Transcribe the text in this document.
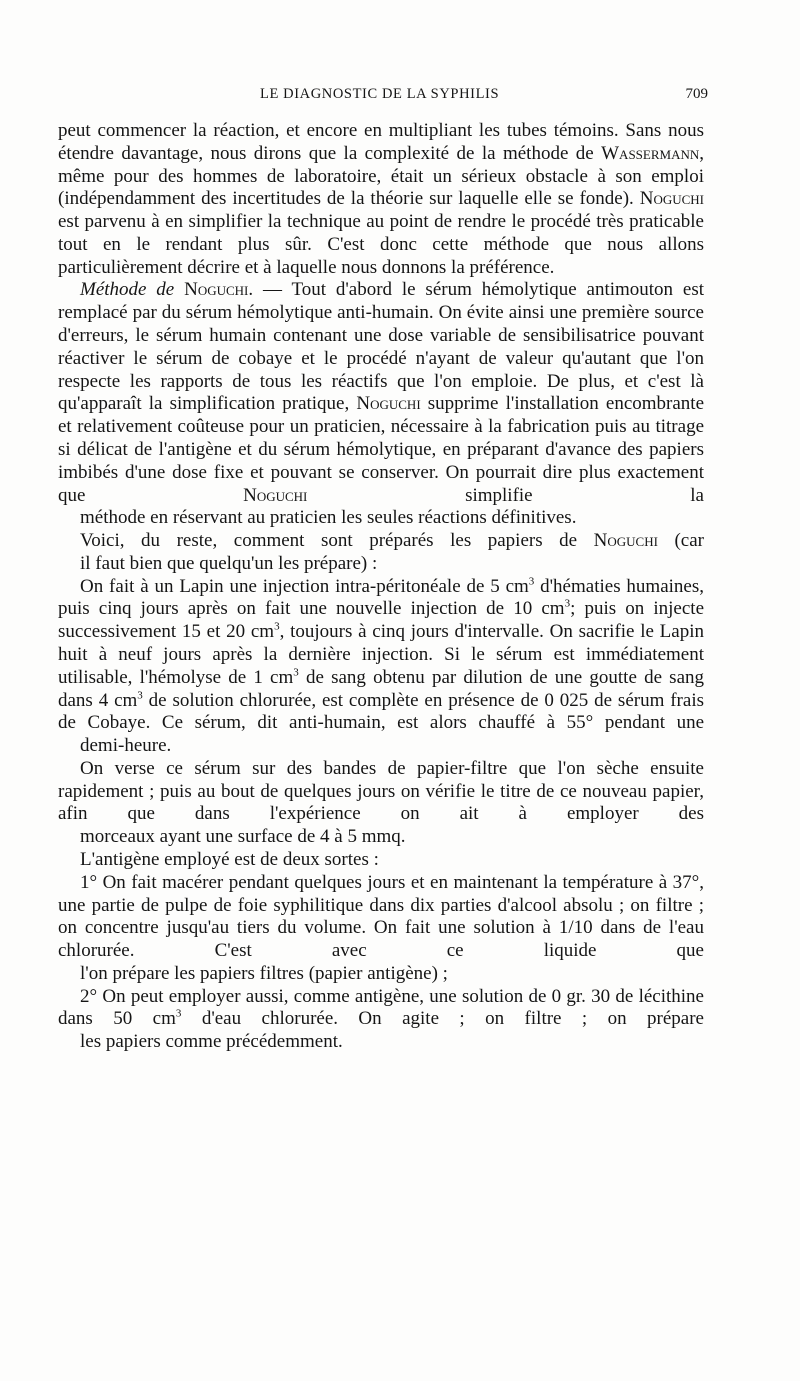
LE DIAGNOSTIC DE LA SYPHILIS	709

peut commencer la réaction, et encore en multipliant les tubes témoins. Sans nous étendre davantage, nous dirons que la complexité de la méthode de Wassermann, même pour des hommes de laboratoire, était un sérieux obstacle à son emploi (indépendamment des incertitudes de la théorie sur laquelle elle se fonde). Noguchi est parvenu à en simplifier la technique au point de rendre le procédé très praticable tout en le rendant plus sûr. C'est donc cette méthode que nous allons
particulièrement décrire et à laquelle nous donnons la préférence.

Méthode de Noguchi. — Tout d'abord le sérum hémolytique antimouton est remplacé par du sérum hémolytique anti-humain. On évite ainsi une première source d'erreurs, le sérum humain contenant une dose variable de sensibilisatrice pouvant réactiver le sérum de cobaye et le procédé n'ayant de valeur qu'autant que l'on respecte les rapports de tous les réactifs que l'on emploie. De plus, et c'est là qu'apparaît la simplification pratique, Noguchi supprime l'installation encombrante et relativement coûteuse pour un praticien, nécessaire à la fabrication puis au titrage si délicat de l'antigène et du sérum hémolytique, en préparant d'avance des papiers imbibés d'une dose fixe et pouvant se conserver. On pourrait dire plus exactement que Noguchi simplifie la
méthode en réservant au praticien les seules réactions définitives.

Voici, du reste, comment sont préparés les papiers de Noguchi (car
il faut bien que quelqu'un les prépare) :

On fait à un Lapin une injection intra-péritonéale de 5 $cm^3$ d'hématies humaines, puis cinq jours après on fait une nouvelle injection de 10 $cm^3$; puis on injecte successivement 15 et 20 $cm^3$, toujours à cinq jours d'intervalle. On sacrifie le Lapin huit à neuf jours après la dernière injection. Si le sérum est immédiatement utilisable, l'hémolyse de 1 $cm^3$ de sang obtenu par dilution de une goutte de sang dans 4 $cm^3$ de solution chlorurée, est complète en présence de 0 025 de sérum frais de Cobaye. Ce sérum, dit anti-humain, est alors chauffé à 55° pendant une
demi-heure.

On verse ce sérum sur des bandes de papier-filtre que l'on sèche ensuite rapidement ; puis au bout de quelques jours on vérifie le titre de ce nouveau papier, afin que dans l'expérience on ait à employer des
morceaux ayant une surface de 4 à 5 mmq.

L'antigène employé est de deux sortes :

1° On fait macérer pendant quelques jours et en maintenant la température à 37°, une partie de pulpe de foie syphilitique dans dix parties d'alcool absolu ; on filtre ; on concentre jusqu'au tiers du volume. On fait une solution à 1/10 dans de l'eau chlorurée. C'est avec ce liquide que
l'on prépare les papiers filtres (papier antigène) ;

2° On peut employer aussi, comme antigène, une solution de 0 gr. 30 de lécithine dans 50 $cm^3$ d'eau chlorurée. On agite ; on filtre ; on prépare
les papiers comme précédemment.
